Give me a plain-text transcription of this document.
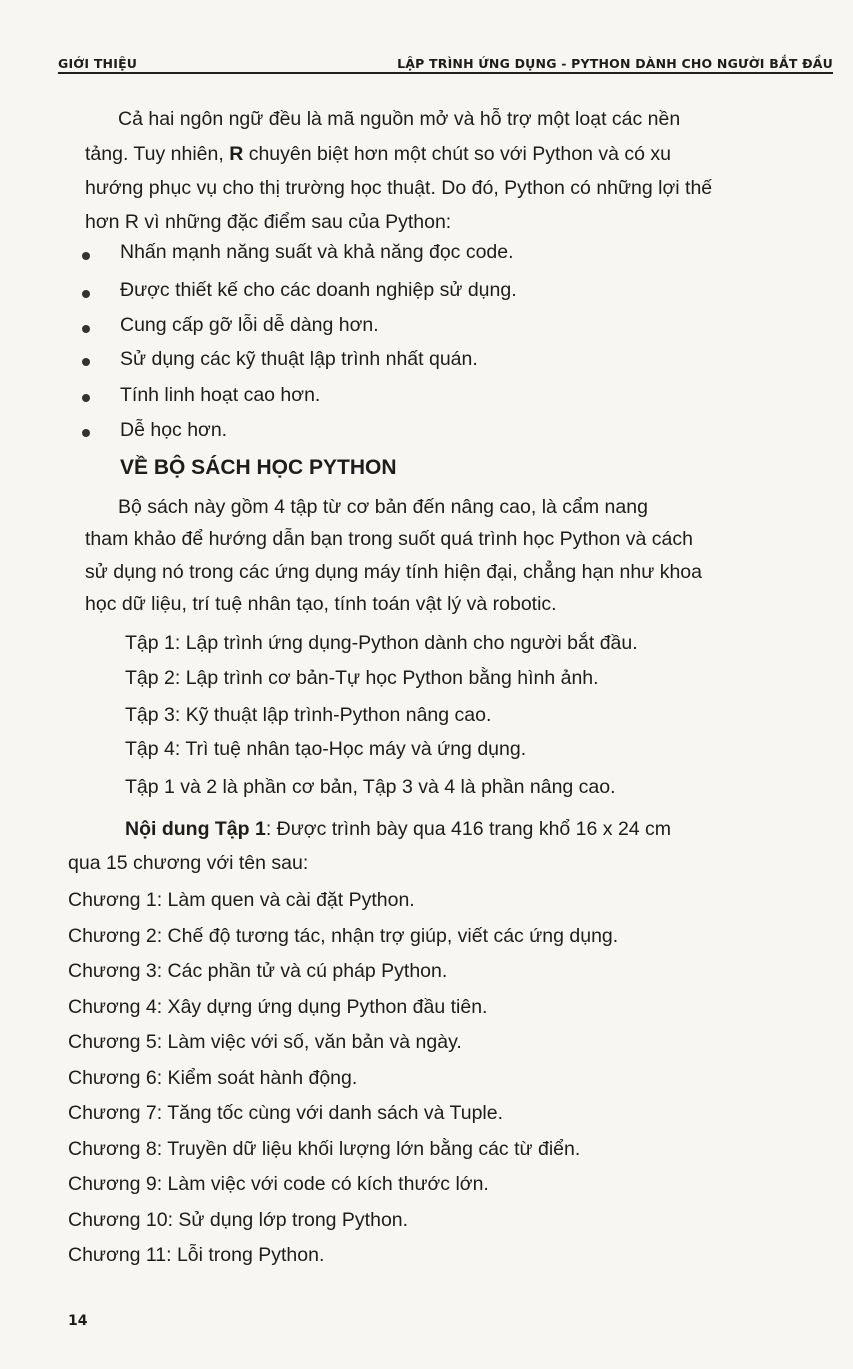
GIỚI THIỆU	LẬP TRÌNH ỨNG DỤNG - PYTHON DÀNH CHO NGƯỜI BẮT ĐẦU
Cả hai ngôn ngữ đều là mã nguồn mở và hỗ trợ một loạt các nền
tảng. Tuy nhiên, R chuyên biệt hơn một chút so với Python và có xu
hướng phục vụ cho thị trường học thuật. Do đó, Python có những lợi thế
hơn R vì những đặc điểm sau của Python:
Nhấn mạnh năng suất và khả năng đọc code.
Được thiết kế cho các doanh nghiệp sử dụng.
Cung cấp gỡ lỗi dễ dàng hơn.
Sử dụng các kỹ thuật lập trình nhất quán.
Tính linh hoạt cao hơn.
Dễ học hơn.
VỀ BỘ SÁCH HỌC PYTHON
Bộ sách này gồm 4 tập từ cơ bản đến nâng cao, là cẩm nang
tham khảo để hướng dẫn bạn trong suốt quá trình học Python và cách
sử dụng nó trong các ứng dụng máy tính hiện đại, chẳng hạn như khoa
học dữ liệu, trí tuệ nhân tạo, tính toán vật lý và robotic.
Tập 1: Lập trình ứng dụng-Python dành cho người bắt đầu.
Tập 2: Lập trình cơ bản-Tự học Python bằng hình ảnh.
Tập 3: Kỹ thuật lập trình-Python nâng cao.
Tập 4: Trì tuệ nhân tạo-Học máy và ứng dụng.
Tập 1 và 2 là phần cơ bản, Tập 3 và 4 là phần nâng cao.
Nội dung Tập 1: Được trình bày qua 416 trang khổ 16 x 24 cm
qua 15 chương với tên sau:
Chương 1: Làm quen và cài đặt Python.
Chương 2: Chế độ tương tác, nhận trợ giúp, viết các ứng dụng.
Chương 3: Các phần tử và cú pháp Python.
Chương 4: Xây dựng ứng dụng Python đầu tiên.
Chương 5: Làm việc với số, văn bản và ngày.
Chương 6: Kiểm soát hành động.
Chương 7: Tăng tốc cùng với danh sách và Tuple.
Chương 8: Truyền dữ liệu khối lượng lớn bằng các từ điển.
Chương 9: Làm việc với code có kích thước lớn.
Chương 10: Sử dụng lớp trong Python.
Chương 11: Lỗi trong Python.
14
